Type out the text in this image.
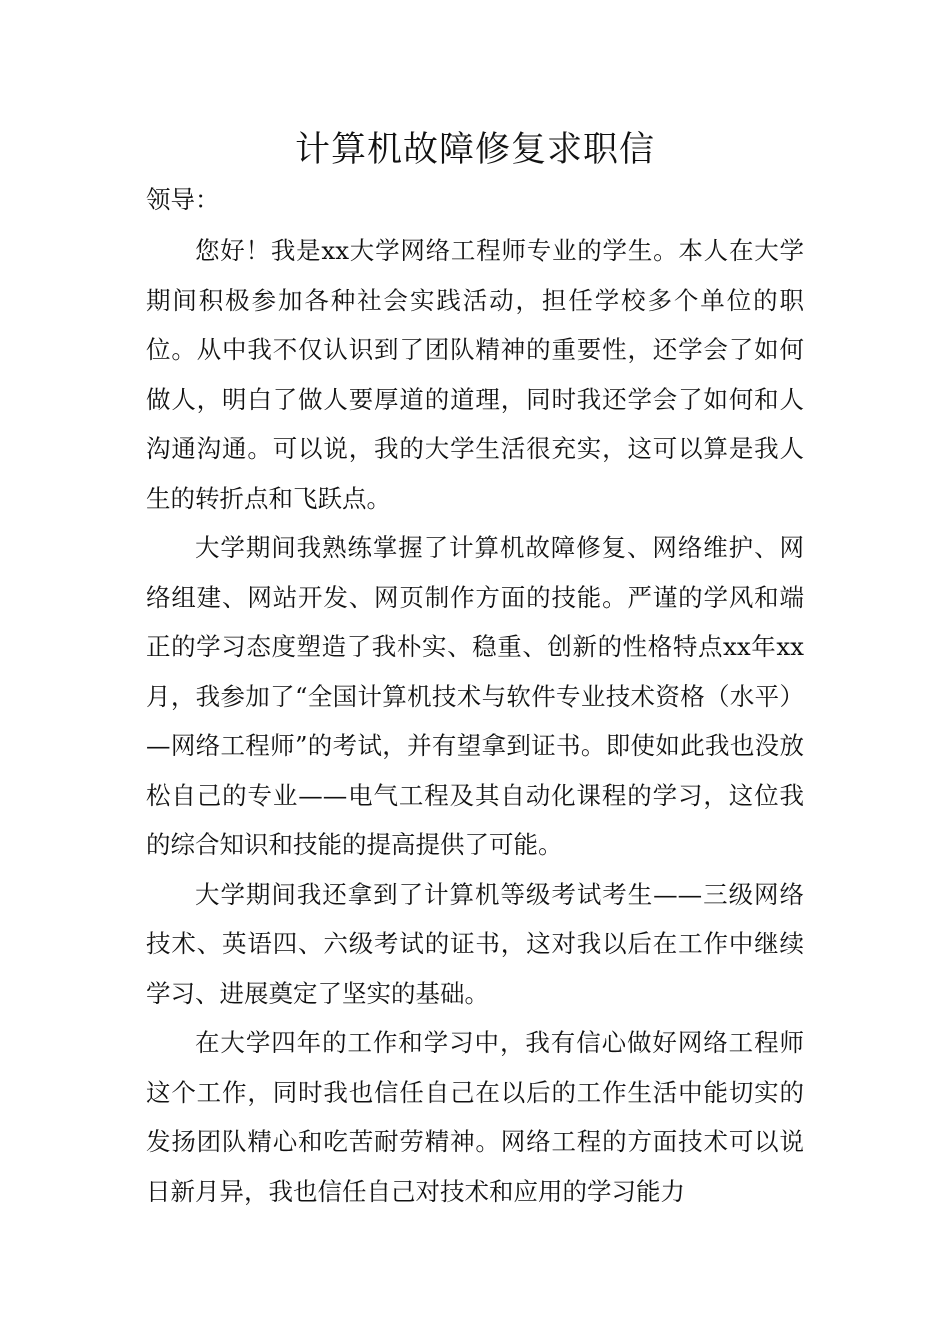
计算机故障修复求职信

领导：

您好！我是xx大学网络工程师专业的学生。本人在大学期间积极参加各种社会实践活动，担任学校多个单位的职位。从中我不仅认识到了团队精神的重要性，还学会了如何做人，明白了做人要厚道的道理，同时我还学会了如何和人沟通沟通。可以说，我的大学生活很充实，这可以算是我人生的转折点和飞跃点。

大学期间我熟练掌握了计算机故障修复、网络维护、网络组建、网站开发、网页制作方面的技能。严谨的学风和端正的学习态度塑造了我朴实、稳重、创新的性格特点xx年xx月，我参加了“全国计算机技术与软件专业技术资格（水平）—网络工程师”的考试，并有望拿到证书。即使如此我也没放松自己的专业——电气工程及其自动化课程的学习，这位我的综合知识和技能的提高提供了可能。

大学期间我还拿到了计算机等级考试考生——三级网络技术、英语四、六级考试的证书，这对我以后在工作中继续学习、进展奠定了坚实的基础。

在大学四年的工作和学习中，我有信心做好网络工程师这个工作，同时我也信任自己在以后的工作生活中能切实的发扬团队精心和吃苦耐劳精神。网络工程的方面技术可以说日新月异，我也信任自己对技术和应用的学习能力
